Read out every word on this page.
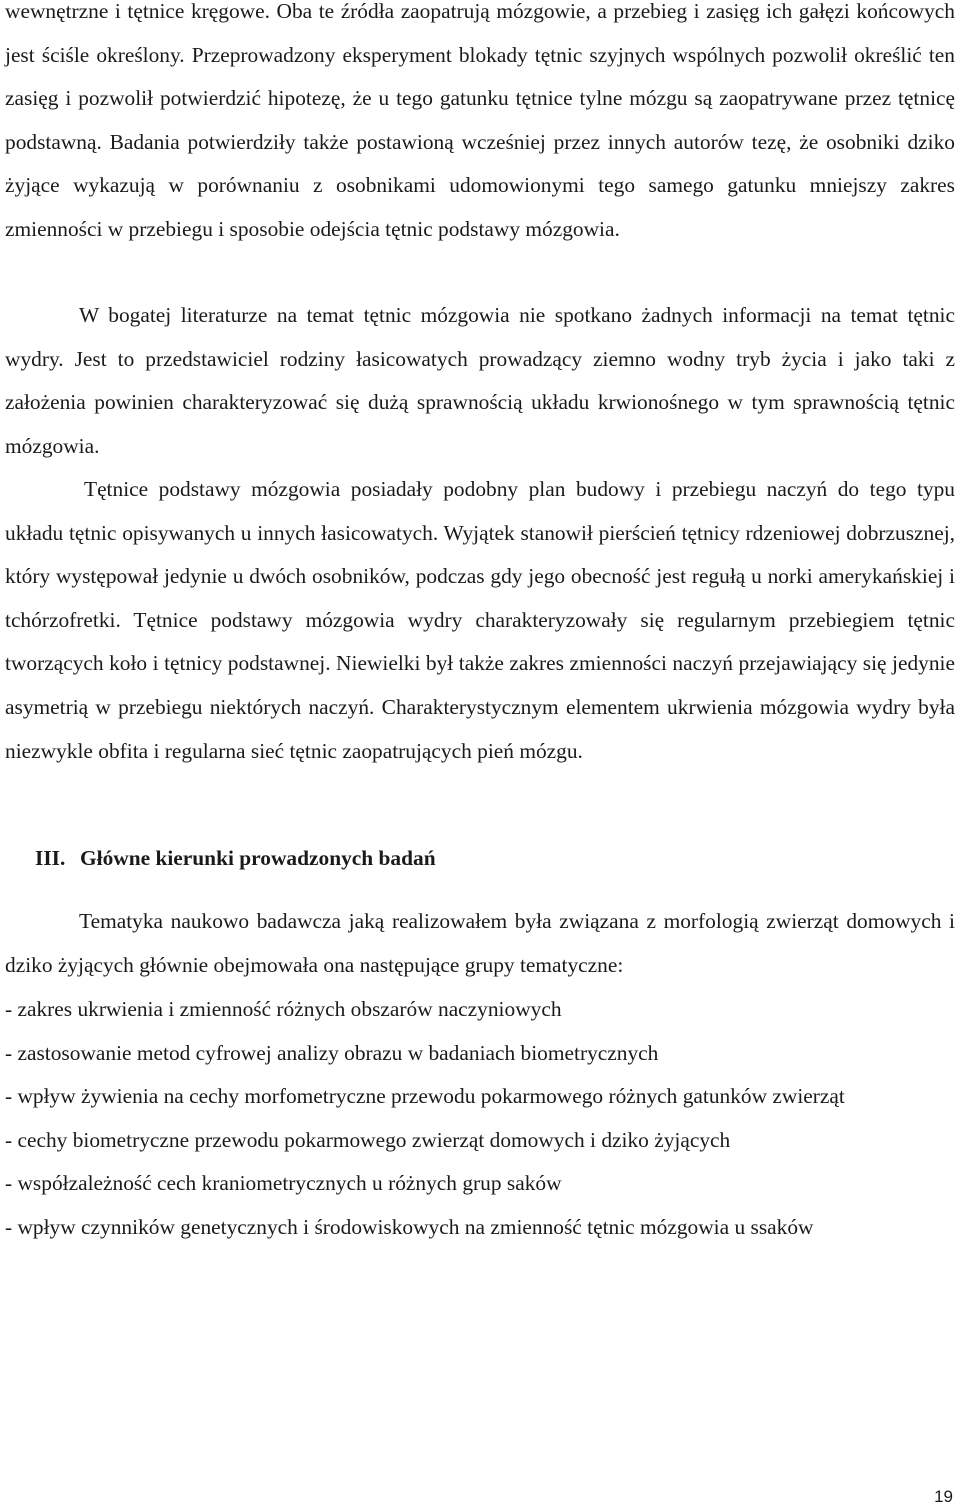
wewnętrzne i tętnice kręgowe. Oba te źródła zaopatrują mózgowie, a przebieg i zasięg ich gałęzi końcowych jest ściśle określony. Przeprowadzony eksperyment blokady tętnic szyjnych wspólnych pozwolił określić ten zasięg i pozwolił potwierdzić hipotezę, że u tego gatunku tętnice tylne mózgu są zaopatrywane przez tętnicę podstawną. Badania potwierdziły także postawioną wcześniej przez innych autorów tezę, że osobniki dziko żyjące wykazują w porównaniu z osobnikami udomowionymi tego samego gatunku mniejszy zakres zmienności w przebiegu i sposobie odejścia tętnic podstawy mózgowia.

W bogatej literaturze na temat tętnic mózgowia nie spotkano żadnych informacji na temat tętnic wydry. Jest to przedstawiciel rodziny łasicowatych prowadzący ziemno wodny tryb życia i jako taki z założenia powinien charakteryzować się dużą sprawnością układu krwionośnego w tym sprawnością tętnic mózgowia.

Tętnice podstawy mózgowia posiadały podobny plan budowy i przebiegu naczyń do tego typu układu tętnic opisywanych u innych łasicowatych. Wyjątek stanowił pierścień tętnicy rdzeniowej dobrzusznej, który występował jedynie u dwóch osobników, podczas gdy jego obecność jest regułą u norki amerykańskiej i tchórzofretki. Tętnice podstawy mózgowia wydry charakteryzowały się regularnym przebiegiem tętnic tworzących koło i tętnicy podstawnej. Niewielki był także zakres zmienności naczyń przejawiający się jedynie asymetrią w przebiegu niektórych naczyń. Charakterystycznym elementem ukrwienia mózgowia wydry była niezwykle obfita i regularna sieć tętnic zaopatrujących pień mózgu.

III. Główne kierunki prowadzonych badań

Tematyka naukowo badawcza jaką realizowałem była związana z morfologią zwierząt domowych i dziko żyjących głównie obejmowała ona następujące grupy tematyczne:

- zakres ukrwienia i zmienność różnych obszarów naczyniowych
- zastosowanie metod cyfrowej analizy obrazu w badaniach biometrycznych
- wpływ żywienia na cechy morfometryczne przewodu pokarmowego różnych gatunków zwierząt
- cechy biometryczne przewodu pokarmowego zwierząt domowych i dziko żyjących
- współzależność cech kraniometrycznych u różnych grup saków
- wpływ czynników genetycznych i środowiskowych na zmienność tętnic mózgowia u ssaków
19
